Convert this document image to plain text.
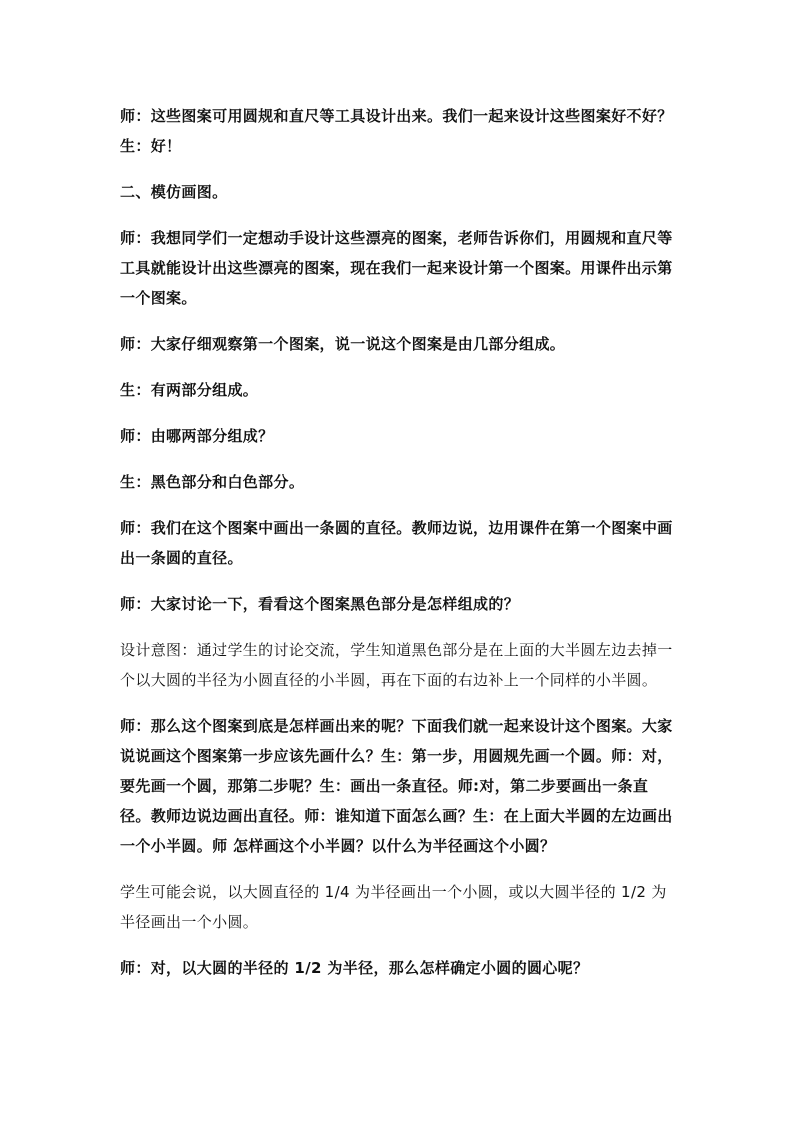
师：这些图案可用圆规和直尺等工具设计出来。我们一起来设计这些图案好不好？生：好！

二、模仿画图。

师：我想同学们一定想动手设计这些漂亮的图案，老师告诉你们，用圆规和直尺等工具就能设计出这些漂亮的图案，现在我们一起来设计第一个图案。用课件出示第一个图案。

师：大家仔细观察第一个图案，说一说这个图案是由几部分组成。

生：有两部分组成。

师：由哪两部分组成？

生：黑色部分和白色部分。

师：我们在这个图案中画出一条圆的直径。教师边说，边用课件在第一个图案中画出一条圆的直径。

师：大家讨论一下，看看这个图案黑色部分是怎样组成的？

设计意图：通过学生的讨论交流，学生知道黑色部分是在上面的大半圆左边去掉一个以大圆的半径为小圆直径的小半圆，再在下面的右边补上一个同样的小半圆。

师：那么这个图案到底是怎样画出来的呢？下面我们就一起来设计这个图案。大家说说画这个图案第一步应该先画什么？生：第一步，用圆规先画一个圆。师：对，要先画一个圆，那第二步呢？生：画出一条直径。师:对，第二步要画出一条直径。教师边说边画出直径。师：谁知道下面怎么画？生：在上面大半圆的左边画出一个小半圆。师 怎样画这个小半圆？以什么为半径画这个小圆？

学生可能会说，以大圆直径的 1/4 为半径画出一个小圆，或以大圆半径的 1/2 为半径画出一个小圆。

师：对，以大圆的半径的 1/2 为半径，那么怎样确定小圆的圆心呢？
